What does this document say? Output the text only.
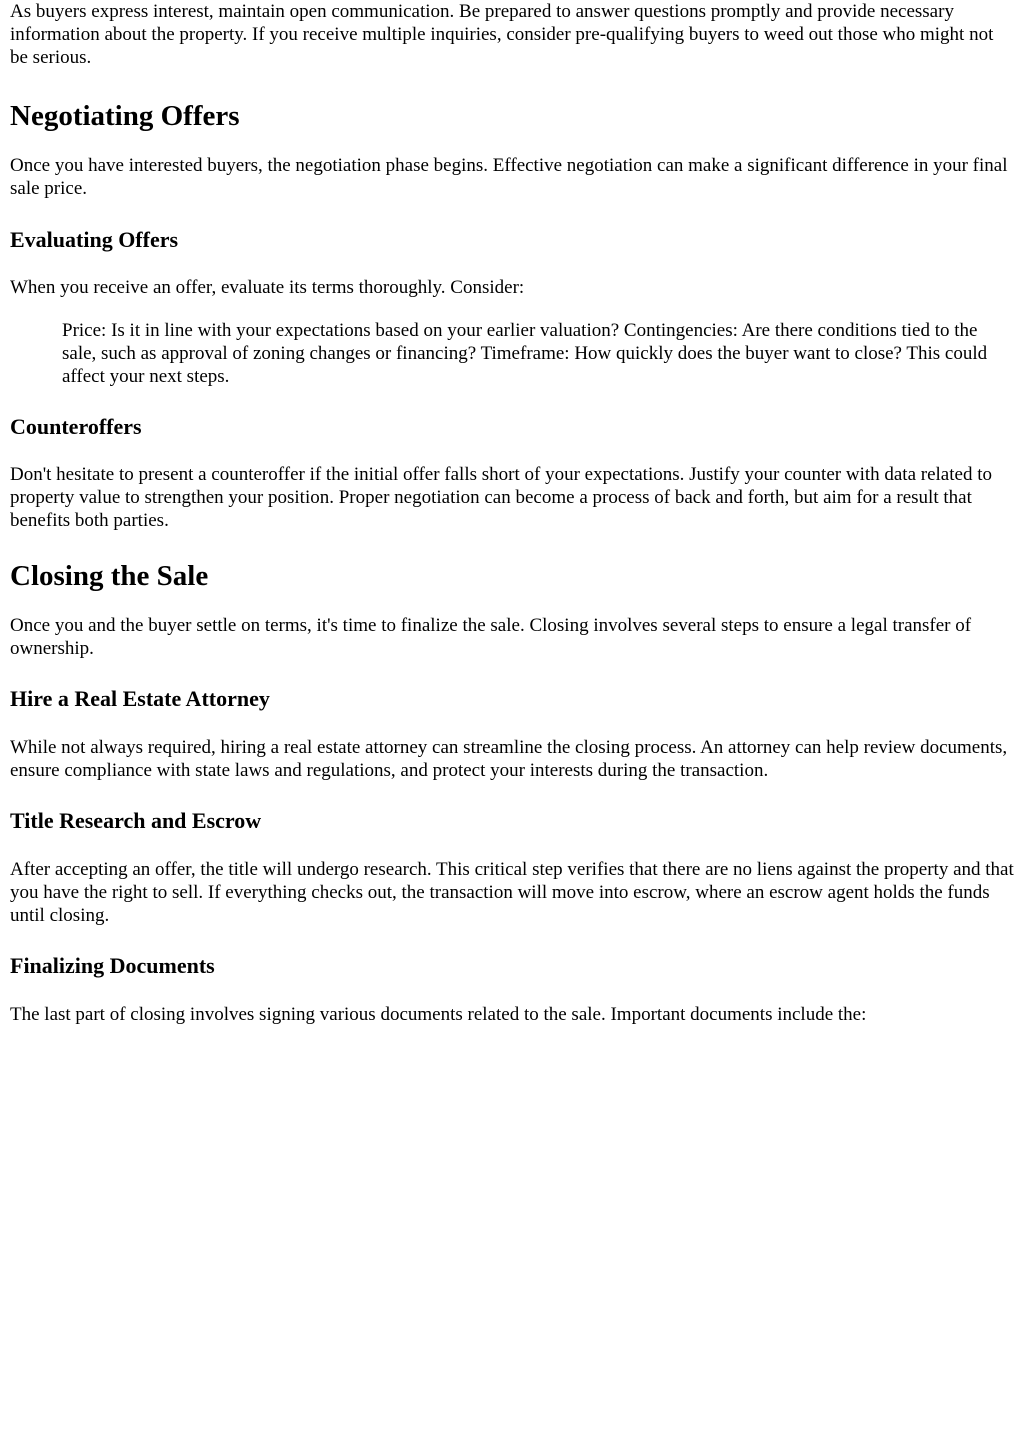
As buyers express interest, maintain open communication. Be prepared to answer questions promptly and provide necessary information about the property. If you receive multiple inquiries, consider pre-qualifying buyers to weed out those who might not be serious.

Negotiating Offers

Once you have interested buyers, the negotiation phase begins. Effective negotiation can make a significant difference in your final sale price.

Evaluating Offers

When you receive an offer, evaluate its terms thoroughly. Consider:

Price: Is it in line with your expectations based on your earlier valuation? Contingencies: Are there conditions tied to the sale, such as approval of zoning changes or financing? Timeframe: How quickly does the buyer want to close? This could affect your next steps.
Counteroffers

Don't hesitate to present a counteroffer if the initial offer falls short of your expectations. Justify your counter with data related to property value to strengthen your position. Proper negotiation can become a process of back and forth, but aim for a result that benefits both parties.

Closing the Sale

Once you and the buyer settle on terms, it's time to finalize the sale. Closing involves several steps to ensure a legal transfer of ownership.

Hire a Real Estate Attorney

While not always required, hiring a real estate attorney can streamline the closing process. An attorney can help review documents, ensure compliance with state laws and regulations, and protect your interests during the transaction.

Title Research and Escrow

After accepting an offer, the title will undergo research. This critical step verifies that there are no liens against the property and that you have the right to sell. If everything checks out, the transaction will move into escrow, where an escrow agent holds the funds until closing.

Finalizing Documents

The last part of closing involves signing various documents related to the sale. Important documents include the:
